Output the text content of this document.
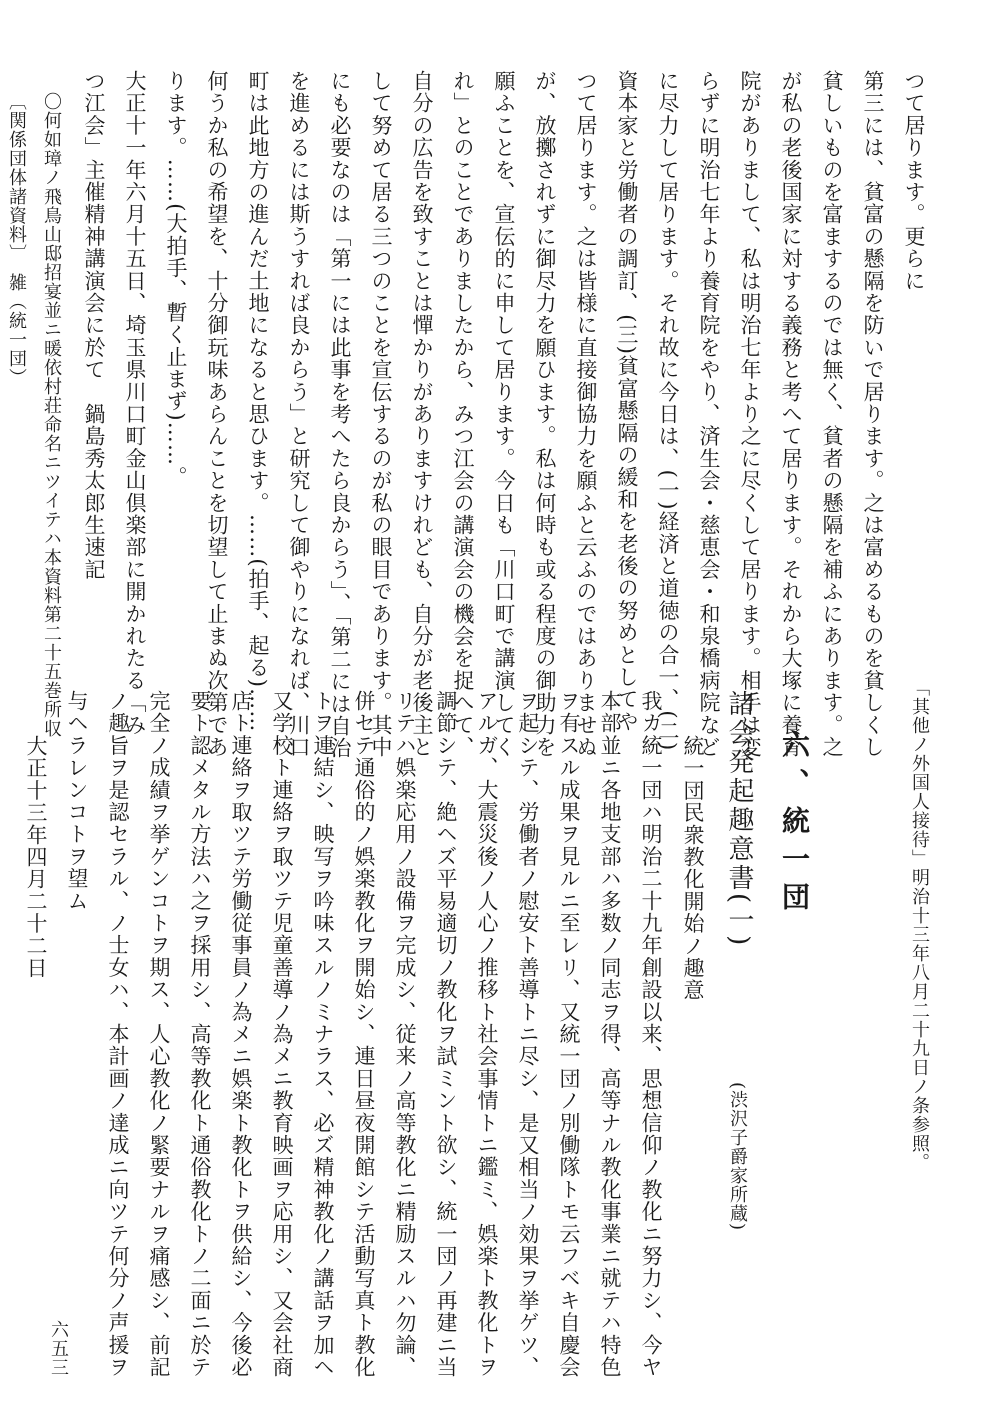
つて居ります。更らに
第三には、貧富の懸隔を防いで居ります。之は富めるものを貧しくし
貧しいものを富まするのでは無く、貧者の懸隔を補ふにあります。之
が私の老後国家に対する義務と考へて居ります。それから大塚に養育
院がありまして、私は明治七年より之に尽くして居ります。相手は変
らずに明治七年より養育院をやり、済生会・慈恵会・和泉橋病院など
に尽力して居ります。それ故に今日は、(一)経済と道徳の合一、(二)
資本家と労働者の調訂、(三)貧富懸隔の緩和を老後の努めとしてや
つて居ります。之は皆様に直接御協力を願ふと云ふのではありませぬ
が、放擲されずに御尽力を願ひます。私は何時も或る程度の御助力を
願ふことを、宣伝的に申して居ります。今日も「川口町で講演してく
れ」とのことでありましたから、みつ江会の講演会の機会を捉へて、
自分の広告を致すことは憚かりがありますけれども、自分が老後主と
して努めて居る三つのことを宣伝するのが私の眼目であります。其中
にも必要なのは「第一には此事を考へたら良からう」、「第二には自治
を進めるには斯うすれば良からう」と研究して御やりになれば、川口
町は此地方の進んだ土地になると思ひます。……(拍手、起る)……
何うか私の希望を、十分御玩味あらんことを切望して止まぬ次第であ
ります。……(大拍手、暫く止まず)……。
大正十一年六月十五日、埼玉県川口町金山倶楽部に開かれたる「み
つ江会」主催精神講演会に於て　鍋島秀太郎生速記
〇何如璋ノ飛鳥山邸招宴並ニ暖依村荘命名ニツイテハ本資料第二十五巻所収
「其他ノ外国人接待」明治十三年八月二十九日ノ条参照。
〔関係団体諸資料〕　雑（統一団）
六、統一団
諸会発起趣意書(一)
(渋沢子爵家所蔵)
統一団民衆教化開始ノ趣意
我カ統一団ハ明治二十九年創設以来、思想信仰ノ教化ニ努力シ、今ヤ
本部並ニ各地支部ハ多数ノ同志ヲ得、高等ナル教化事業ニ就テハ特色
ヲ有スル成果ヲ見ルニ至レリ、又統一団ノ別働隊トモ云フベキ自慶会
ヲ起シテ、労働者ノ慰安ト善導トニ尽シ、是又相当ノ効果ヲ挙ゲツ、
アルガ、大震災後ノ人心ノ推移ト社会事情トニ鑑ミ、娯楽ト教化トヲ
調節シテ、絶ヘズ平易適切ノ教化ヲ試ミント欲シ、統一団ノ再建ニ当
リテハ娯楽応用ノ設備ヲ完成シ、従来ノ高等教化ニ精励スルハ勿論、
併セテ通俗的ノ娯楽教化ヲ開始シ、連日昼夜開館シテ活動写真ト教化
トヲ連結シ、映写ヲ吟味スルノミナラス、必ズ精神教化ノ講話ヲ加ヘ
又学校ト連絡ヲ取ツテ児童善導ノ為メニ教育映画ヲ応用シ、又会社商
店ト連絡ヲ取ツテ労働従事員ノ為メニ娯楽ト教化トヲ供給シ、今後必
要ト認メタル方法ハ之ヲ採用シ、高等教化ト通俗教化トノ二面ニ於テ
完全ノ成績ヲ挙ゲンコトヲ期ス、人心教化ノ緊要ナルヲ痛感シ、前記
ノ趣旨ヲ是認セラル、ノ士女ハ、本計画ノ達成ニ向ツテ何分ノ声援ヲ
与ヘラレンコトヲ望ム
大正十三年四月二十二日
六五三
